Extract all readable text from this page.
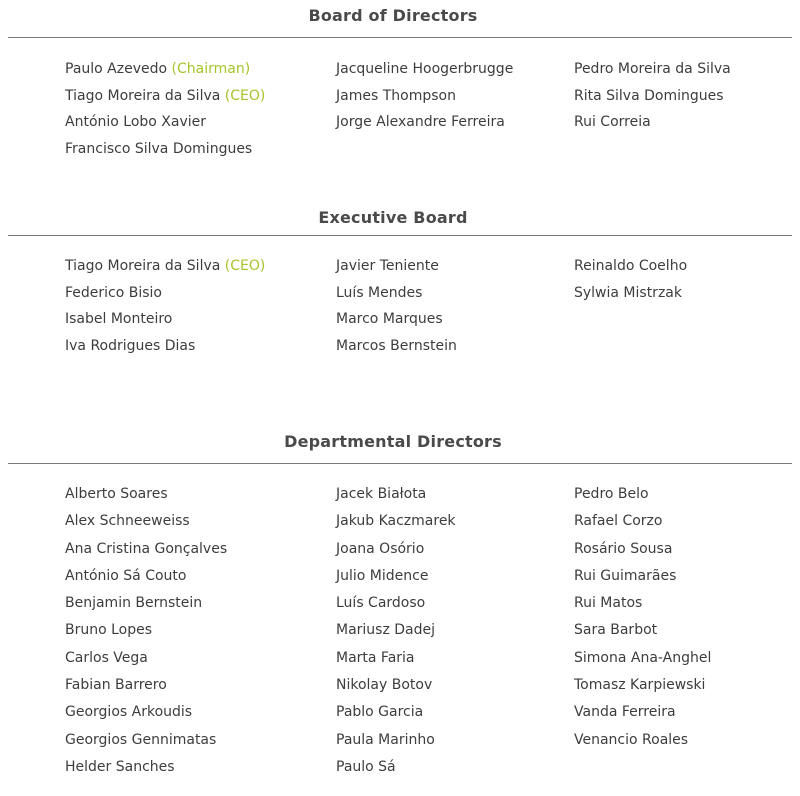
Board of Directors
Paulo Azevedo (Chairman)
Tiago Moreira da Silva (CEO)
António Lobo Xavier
Francisco Silva Domingues
Jacqueline Hoogerbrugge
James Thompson
Jorge Alexandre Ferreira
Pedro Moreira da Silva
Rita Silva Domingues
Rui Correia
Executive Board
Tiago Moreira da Silva (CEO)
Federico Bisio
Isabel Monteiro
Iva Rodrigues Dias
Javier Teniente
Luís Mendes
Marco Marques
Marcos Bernstein
Reinaldo Coelho
Sylwia Mistrzak
Departmental Directors
Alberto Soares
Alex Schneeweiss
Ana Cristina Gonçalves
António Sá Couto
Benjamin Bernstein
Bruno Lopes
Carlos Vega
Fabian Barrero
Georgios Arkoudis
Georgios Gennimatas
Helder Sanches
Jacek Białota
Jakub Kaczmarek
Joana Osório
Julio Midence
Luís Cardoso
Mariusz Dadej
Marta Faria
Nikolay Botov
Pablo Garcia
Paula Marinho
Paulo Sá
Pedro Belo
Rafael Corzo
Rosário Sousa
Rui Guimarães
Rui Matos
Sara Barbot
Simona Ana-Anghel
Tomasz Karpiewski
Vanda Ferreira
Venancio Roales
